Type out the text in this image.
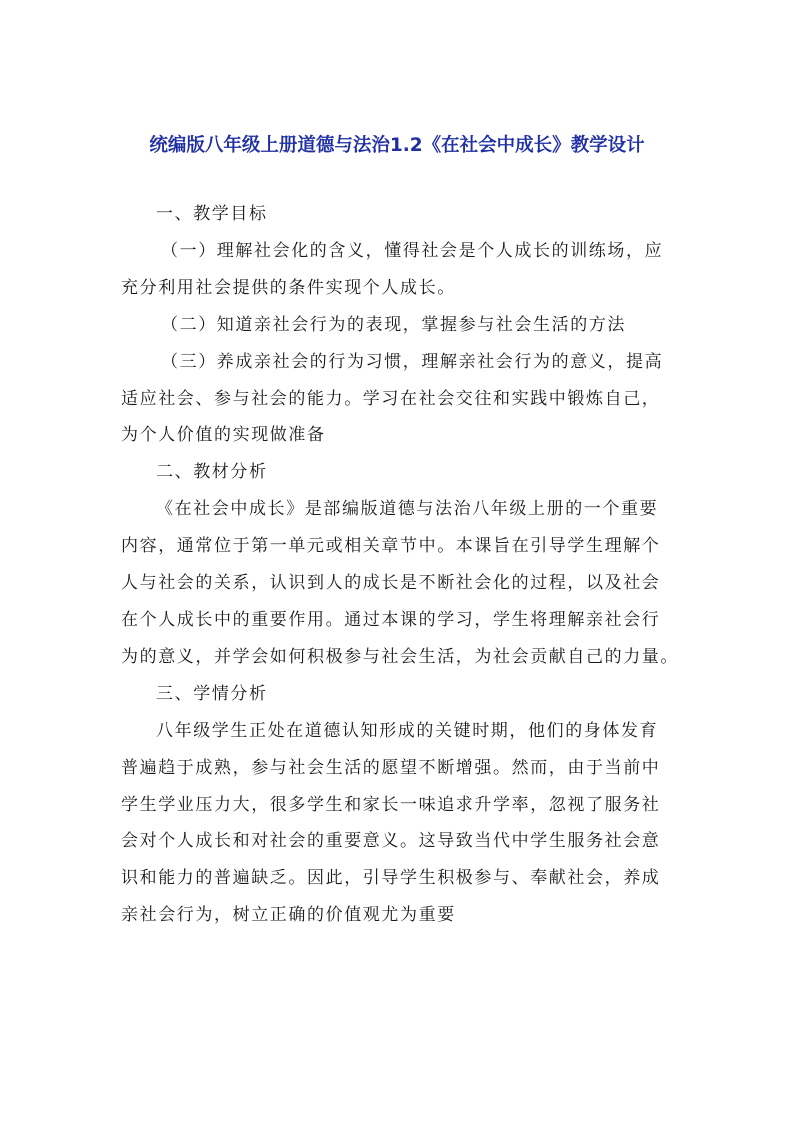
统编版八年级上册道德与法治1.2《在社会中成长》教学设计

一、教学目标

（一）理解社会化的含义，懂得社会是个人成长的训练场，应

充分利用社会提供的条件实现个人成长。

（二）知道亲社会行为的表现，掌握参与社会生活的方法

（三）养成亲社会的行为习惯，理解亲社会行为的意义，提高

适应社会、参与社会的能力。学习在社会交往和实践中锻炼自己，

为个人价值的实现做准备

二、教材分析

《在社会中成长》是部编版道德与法治八年级上册的一个重要

内容，通常位于第一单元或相关章节中。本课旨在引导学生理解个

人与社会的关系，认识到人的成长是不断社会化的过程，以及社会

在个人成长中的重要作用。通过本课的学习，学生将理解亲社会行

为的意义，并学会如何积极参与社会生活，为社会贡献自己的力量。

三、学情分析

八年级学生正处在道德认知形成的关键时期，他们的身体发育

普遍趋于成熟，参与社会生活的愿望不断增强。然而，由于当前中

学生学业压力大，很多学生和家长一味追求升学率，忽视了服务社

会对个人成长和对社会的重要意义。这导致当代中学生服务社会意

识和能力的普遍缺乏。因此，引导学生积极参与、奉献社会，养成

亲社会行为，树立正确的价值观尤为重要
